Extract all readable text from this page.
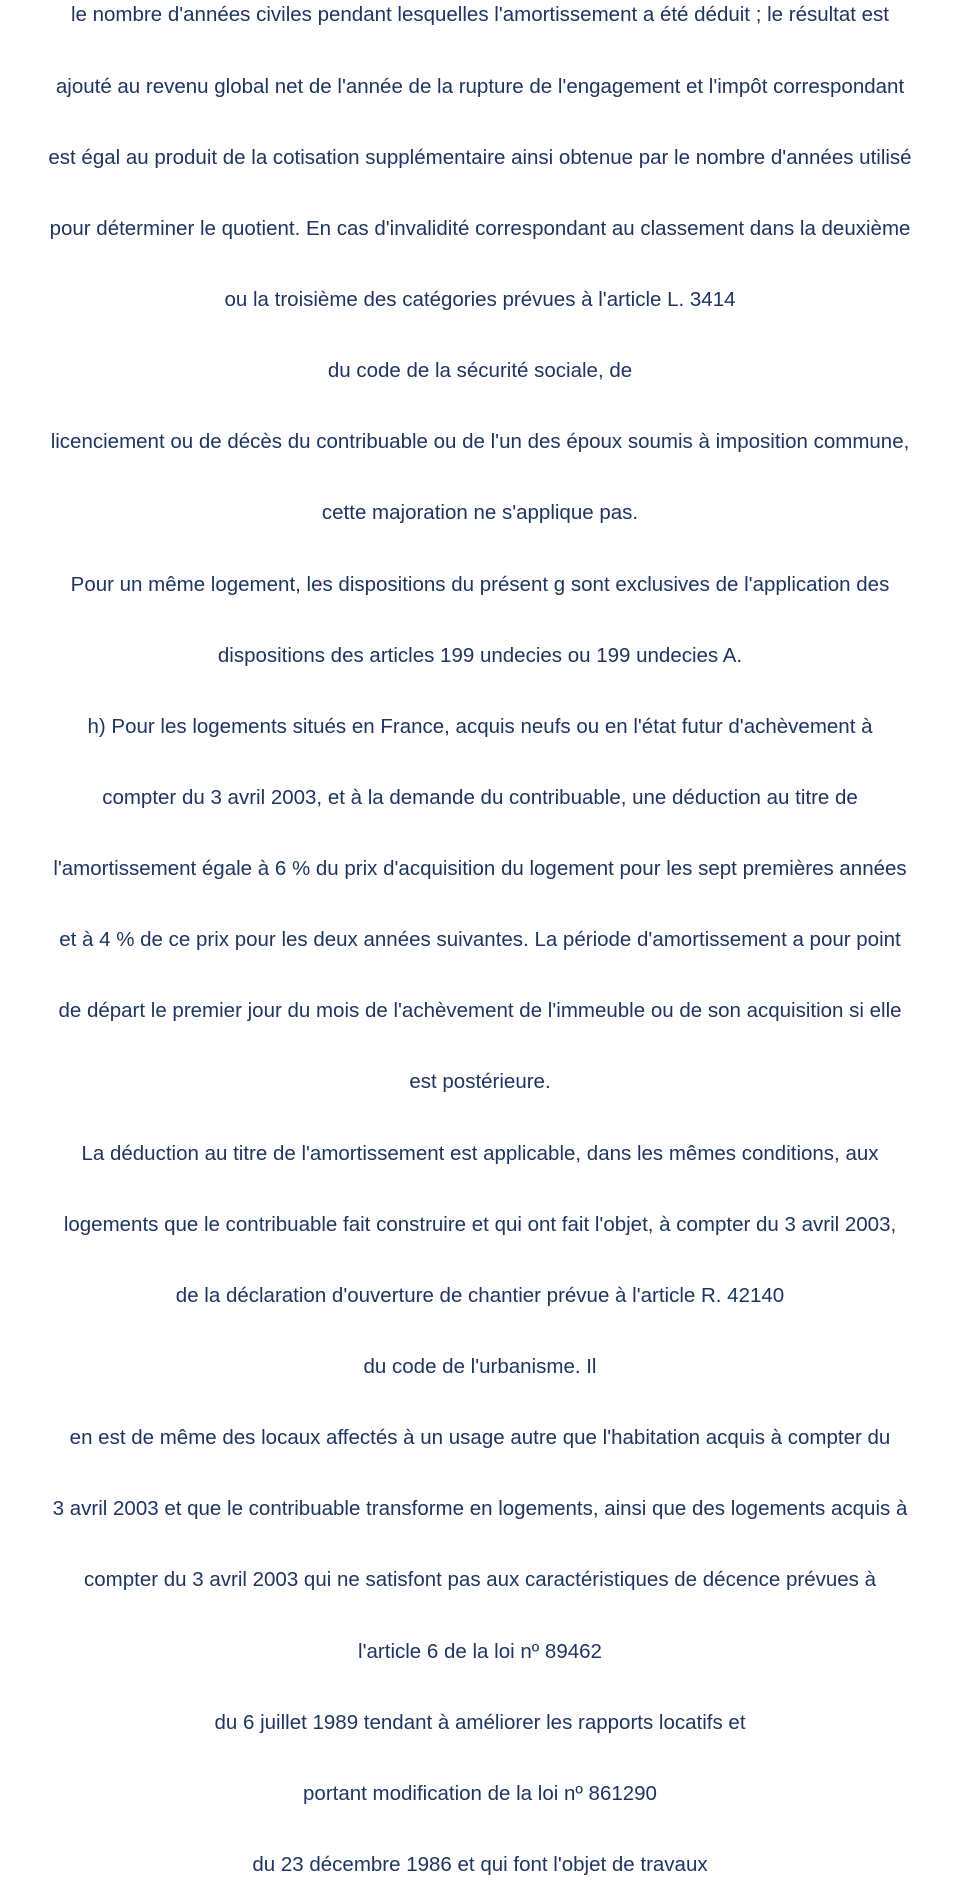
le nombre d'années civiles pendant lesquelles l'amortissement a été déduit ; le résultat est
ajouté au revenu global net de l'année de la rupture de l'engagement et l'impôt correspondant
est égal au produit de la cotisation supplémentaire ainsi obtenue par le nombre d'années utilisé
pour déterminer le quotient. En cas d'invalidité correspondant au classement dans la deuxième
ou la troisième des catégories prévues à l'article L. 3414
du code de la sécurité sociale, de
licenciement ou de décès du contribuable ou de l'un des époux soumis à imposition commune,
cette majoration ne s'applique pas.
Pour un même logement, les dispositions du présent g sont exclusives de l'application des
dispositions des articles 199 undecies ou 199 undecies A.
h) Pour les logements situés en France, acquis neufs ou en l'état futur d'achèvement à
compter du 3 avril 2003, et à la demande du contribuable, une déduction au titre de
l'amortissement égale à 6 % du prix d'acquisition du logement pour les sept premières années
et à 4 % de ce prix pour les deux années suivantes. La période d'amortissement a pour point
de départ le premier jour du mois de l'achèvement de l'immeuble ou de son acquisition si elle
est postérieure.
La déduction au titre de l'amortissement est applicable, dans les mêmes conditions, aux
logements que le contribuable fait construire et qui ont fait l'objet, à compter du 3 avril 2003,
de la déclaration d'ouverture de chantier prévue à l'article R. 42140
du code de l'urbanisme. Il
en est de même des locaux affectés à un usage autre que l'habitation acquis à compter du
3 avril 2003 et que le contribuable transforme en logements, ainsi que des logements acquis à
compter du 3 avril 2003 qui ne satisfont pas aux caractéristiques de décence prévues à
l'article 6 de la loi nº 89462
du 6 juillet 1989 tendant à améliorer les rapports locatifs et
portant modification de la loi nº 861290
du 23 décembre 1986 et qui font l'objet de travaux
